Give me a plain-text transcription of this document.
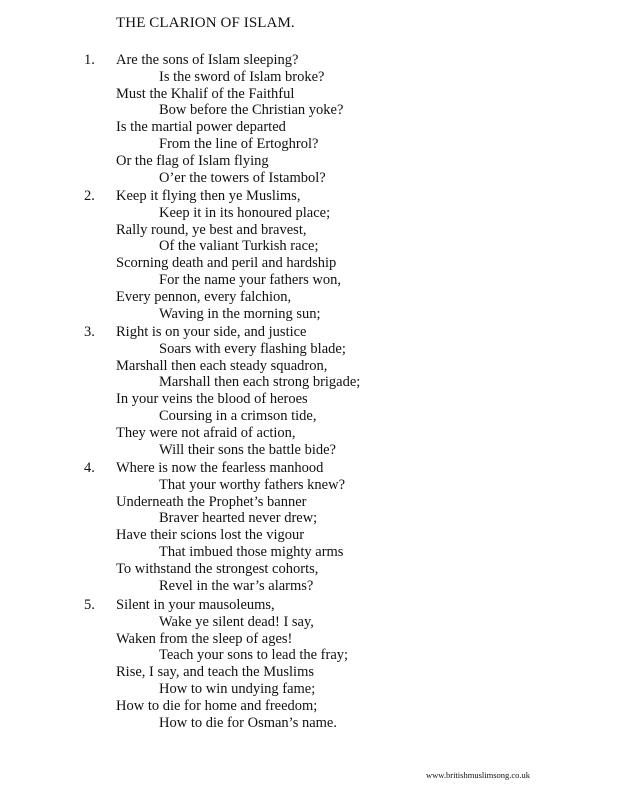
THE CLARION OF ISLAM.
1. Are the sons of Islam sleeping?
Is the sword of Islam broke?
Must the Khalif of the Faithful
Bow before the Christian yoke?
Is the martial power departed
From the line of Ertoghrol?
Or the flag of Islam flying
O’er the towers of Istambol?
2. Keep it flying then ye Muslims,
Keep it in its honoured place;
Rally round, ye best and bravest,
Of the valiant Turkish race;
Scorning death and peril and hardship
For the name your fathers won,
Every pennon, every falchion,
Waving in the morning sun;
3. Right is on your side, and justice
Soars with every flashing blade;
Marshall then each steady squadron,
Marshall then each strong brigade;
In your veins the blood of heroes
Coursing in a crimson tide,
They were not afraid of action,
Will their sons the battle bide?
4. Where is now the fearless manhood
That your worthy fathers knew?
Underneath the Prophet’s banner
Braver hearted never drew;
Have their scions lost the vigour
That imbued those mighty arms
To withstand the strongest cohorts,
Revel in the war’s alarms?
5. Silent in your mausoleums,
Wake ye silent dead! I say,
Waken from the sleep of ages!
Teach your sons to lead the fray;
Rise, I say, and teach the Muslims
How to win undying fame;
How to die for home and freedom;
How to die for Osman’s name.
www.britishmuslimsong.co.uk
